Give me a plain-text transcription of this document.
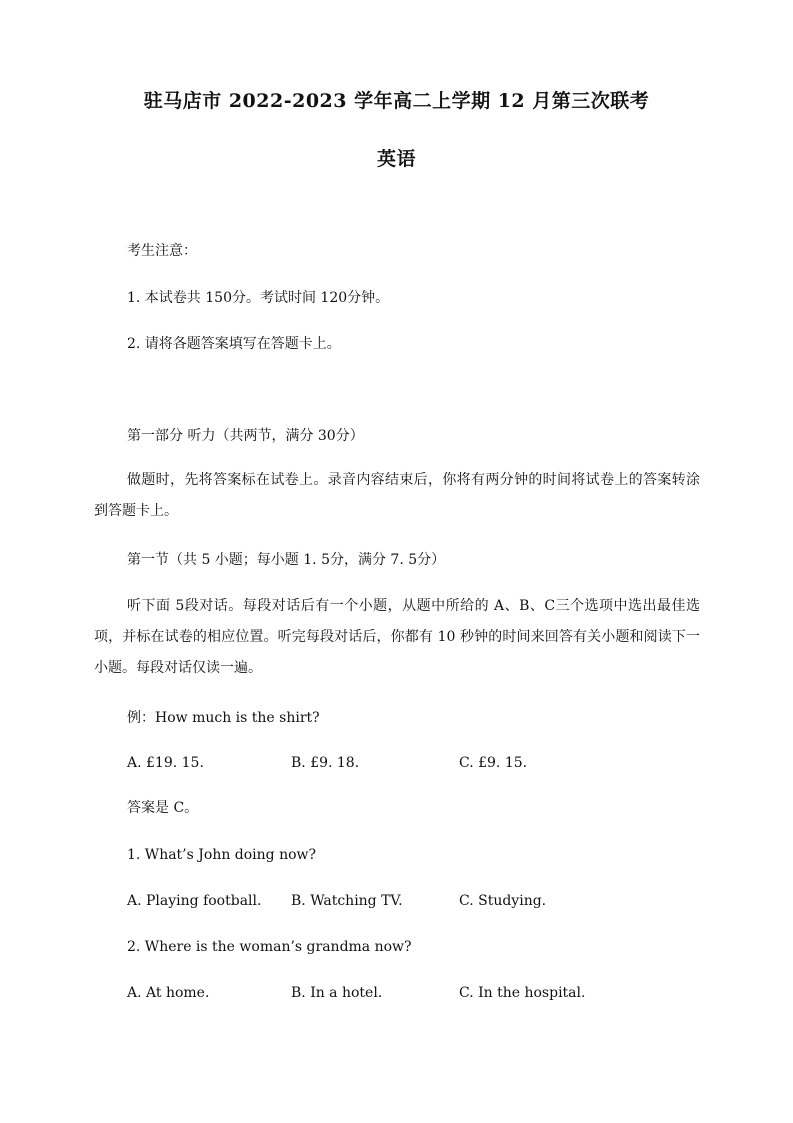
驻马店市 2022-2023 学年高二上学期 12 月第三次联考
英语
考生注意：
1. 本试卷共 150分。考试时间 120分钟。
2. 请将各题答案填写在答题卡上。
第一部分 听力（共两节，满分 30分）
做题时，先将答案标在试卷上。录音内容结束后，你将有两分钟的时间将试卷上的答案转涂到答题卡上。
第一节（共 5 小题；每小题 1. 5分，满分 7. 5分）
听下面 5段对话。每段对话后有一个小题，从题中所给的 A、B、C三个选项中选出最佳选项，并标在试卷的相应位置。听完每段对话后，你都有 10 秒钟的时间来回答有关小题和阅读下一小题。每段对话仅读一遍。
例：How much is the shirt?
A. £19. 15.	B. £9. 18.	C. £9. 15.
答案是 C。
1. What’s John doing now?
A. Playing football. B. Watching TV.	C. Studying.
2. Where is the woman’s grandma now?
A. At home.	B. In a hotel.	C. In the hospital.
